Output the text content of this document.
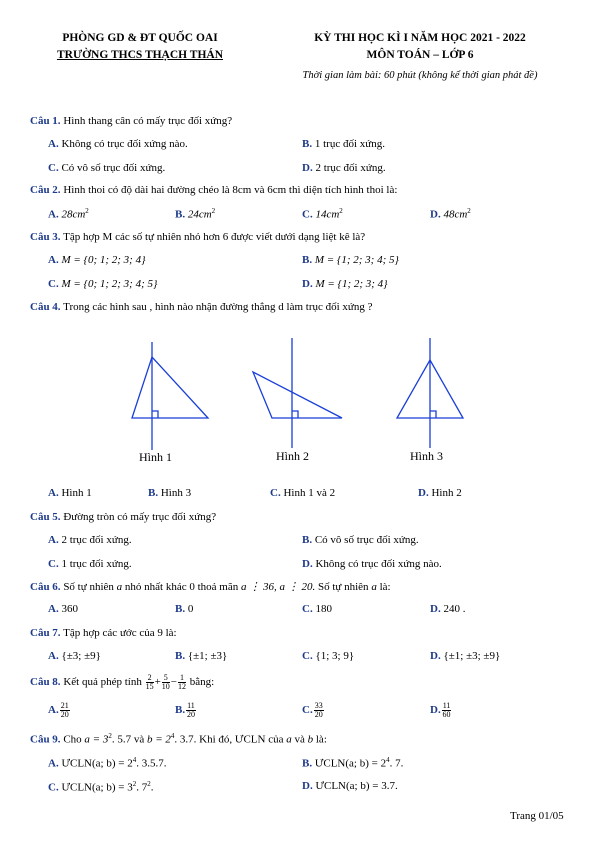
PHÒNG GD & ĐT QUỐC OAI
TRƯỜNG THCS THẠCH THÁN
KỲ THI HỌC KÌ I NĂM HỌC 2021 - 2022
MÔN TOÁN – LỚP 6
Thời gian làm bài: 60 phút (không kể thời gian phát đề)
Câu 1. Hình thang cân có mấy trục đối xứng?
A. Không có trục đối xứng nào.	B. 1 trục đối xứng.
C. Có vô số trục đối xứng.	D. 2 trục đối xứng.
Câu 2. Hình thoi có độ dài hai đường chéo là 8cm và 6cm thì diện tích hình thoi là:
A. $28cm^2$	B. $24cm^2$	C. $14cm^2$	D. $48cm^2$
Câu 3. Tập hợp M các số tự nhiên nhỏ hơn 6 được viết dưới dạng liệt kê là?
A. M = {0; 1; 2; 3; 4}	B. M = {1; 2; 3; 4; 5}
C. M = {0; 1; 2; 3; 4; 5}	D. M = {1; 2; 3; 4}
Câu 4. Trong các hình sau , hình nào nhận đường thẳng d làm trục đối xứng ?
Hình 1	Hình 2	Hình 3
A. Hình 1	B. Hình 3	C. Hình 1 và 2	D. Hình 2
Câu 5. Đường tròn có mấy trục đối xứng?
A. 2 trục đối xứng.	B. Có vô số trục đối xứng.
C. 1 trục đối xứng.	D. Không có trục đối xứng nào.
Câu 6. Số tự nhiên a nhỏ nhất khác 0 thoả mãn a ⋮ 36, a ⋮ 20. Số tự nhiên a là:
A. 360	B. 0	C. 180	D. 240 .
Câu 7. Tập hợp các ước của 9 là:
A. {±3; ±9}	B. {±1; ±3}	C. {1; 3; 9}	D. {±1; ±3; ±9}
Câu 8. Kết quả phép tính $\frac{2}{15} + \frac{5}{10} - \frac{1}{12}$ bằng:
A. $\frac{21}{20}$	B. $\frac{11}{20}$	C. $\frac{33}{20}$	D. $\frac{11}{60}$
Câu 9. Cho $a = 3^2$. 5.7 và $b = 2^4$. 3.7. Khi đó, ƯCLN của a và b là:
A. ƯCLN(a; $b) = 2^4$. 3.5.7.	B. ƯCLN(a; $b) = 2^4$. 7.
C. ƯCLN(a; $b) = 3^2$. $7^2$.	D. ƯCLN(a; b) = 3.7.
Trang 01/05
